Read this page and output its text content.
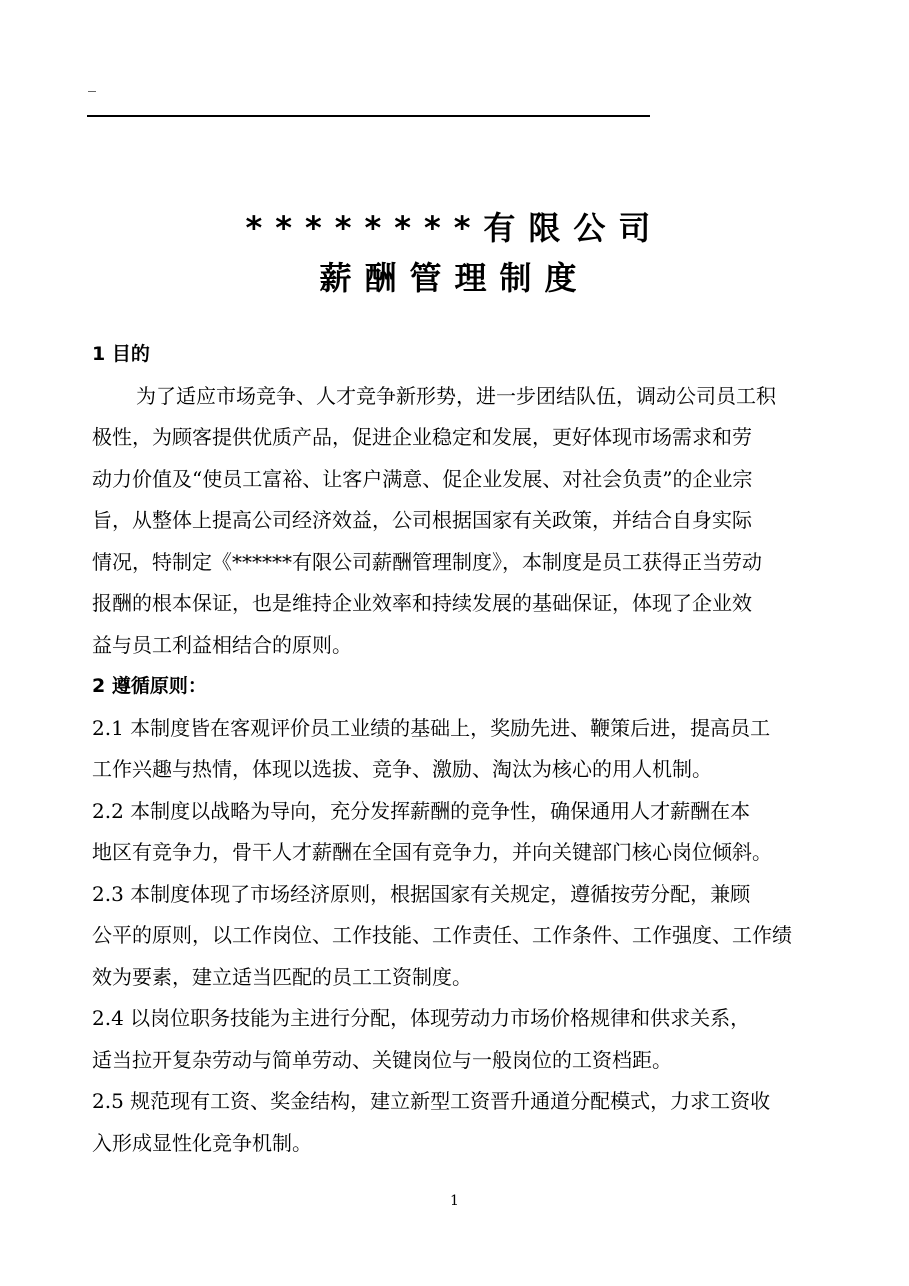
_
********有限公司
薪酬管理制度

1 目的

为了适应市场竞争、人才竞争新形势，进一步团结队伍，调动公司员工积

极性，为顾客提供优质产品，促进企业稳定和发展，更好体现市场需求和劳

动力价值及“使员工富裕、让客户满意、促企业发展、对社会负责”的企业宗

旨，从整体上提高公司经济效益，公司根据国家有关政策，并结合自身实际

情况，特制定《******有限公司薪酬管理制度》，本制度是员工获得正当劳动

报酬的根本保证，也是维持企业效率和持续发展的基础保证，体现了企业效

益与员工利益相结合的原则。

2 遵循原则：

2.1 本制度皆在客观评价员工业绩的基础上，奖励先进、鞭策后进，提高员工

工作兴趣与热情，体现以选拔、竞争、激励、淘汰为核心的用人机制。

2.2 本制度以战略为导向，充分发挥薪酬的竞争性，确保通用人才薪酬在本

地区有竞争力，骨干人才薪酬在全国有竞争力，并向关键部门核心岗位倾斜。

2.3 本制度体现了市场经济原则，根据国家有关规定，遵循按劳分配，兼顾

公平的原则，以工作岗位、工作技能、工作责任、工作条件、工作强度、工作绩

效为要素，建立适当匹配的员工工资制度。

2.4 以岗位职务技能为主进行分配，体现劳动力市场价格规律和供求关系，

适当拉开复杂劳动与简单劳动、关键岗位与一般岗位的工资档距。

2.5 规范现有工资、奖金结构，建立新型工资晋升通道分配模式，力求工资收

入形成显性化竞争机制。

1
